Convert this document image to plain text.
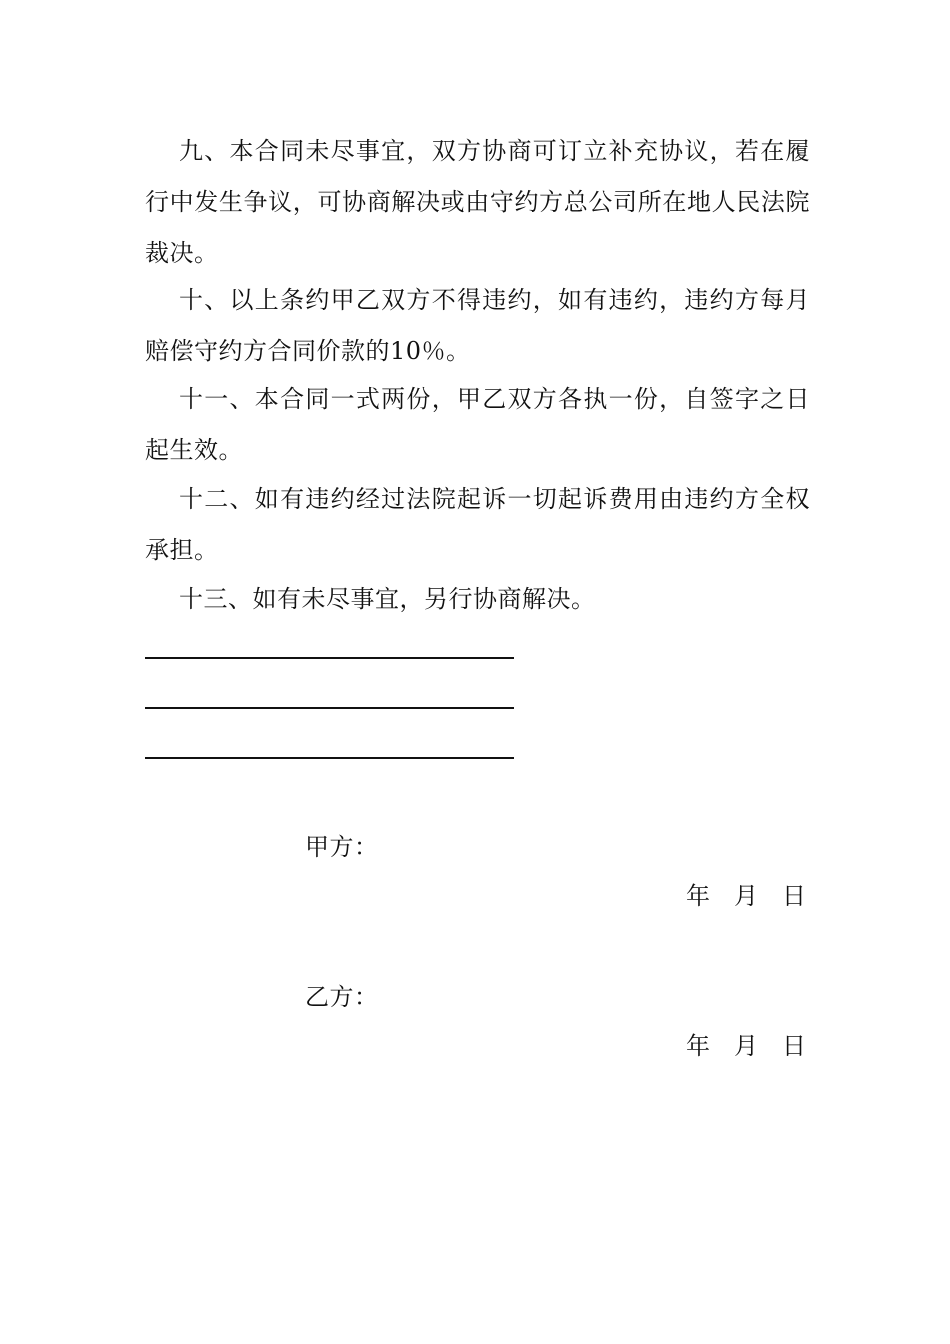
九、本合同未尽事宜，双方协商可订立补充协议，若在履行中发生争议，可协商解决或由守约方总公司所在地人民法院裁决。

十、以上条约甲乙双方不得违约，如有违约，违约方每月赔偿守约方合同价款的10％。

十一、本合同一式两份，甲乙双方各执一份，自签字之日起生效。

十二、如有违约经过法院起诉一切起诉费用由违约方全权承担。

十三、如有未尽事宜，另行协商解决。

甲方：
年 月 日
乙方：
年 月 日
